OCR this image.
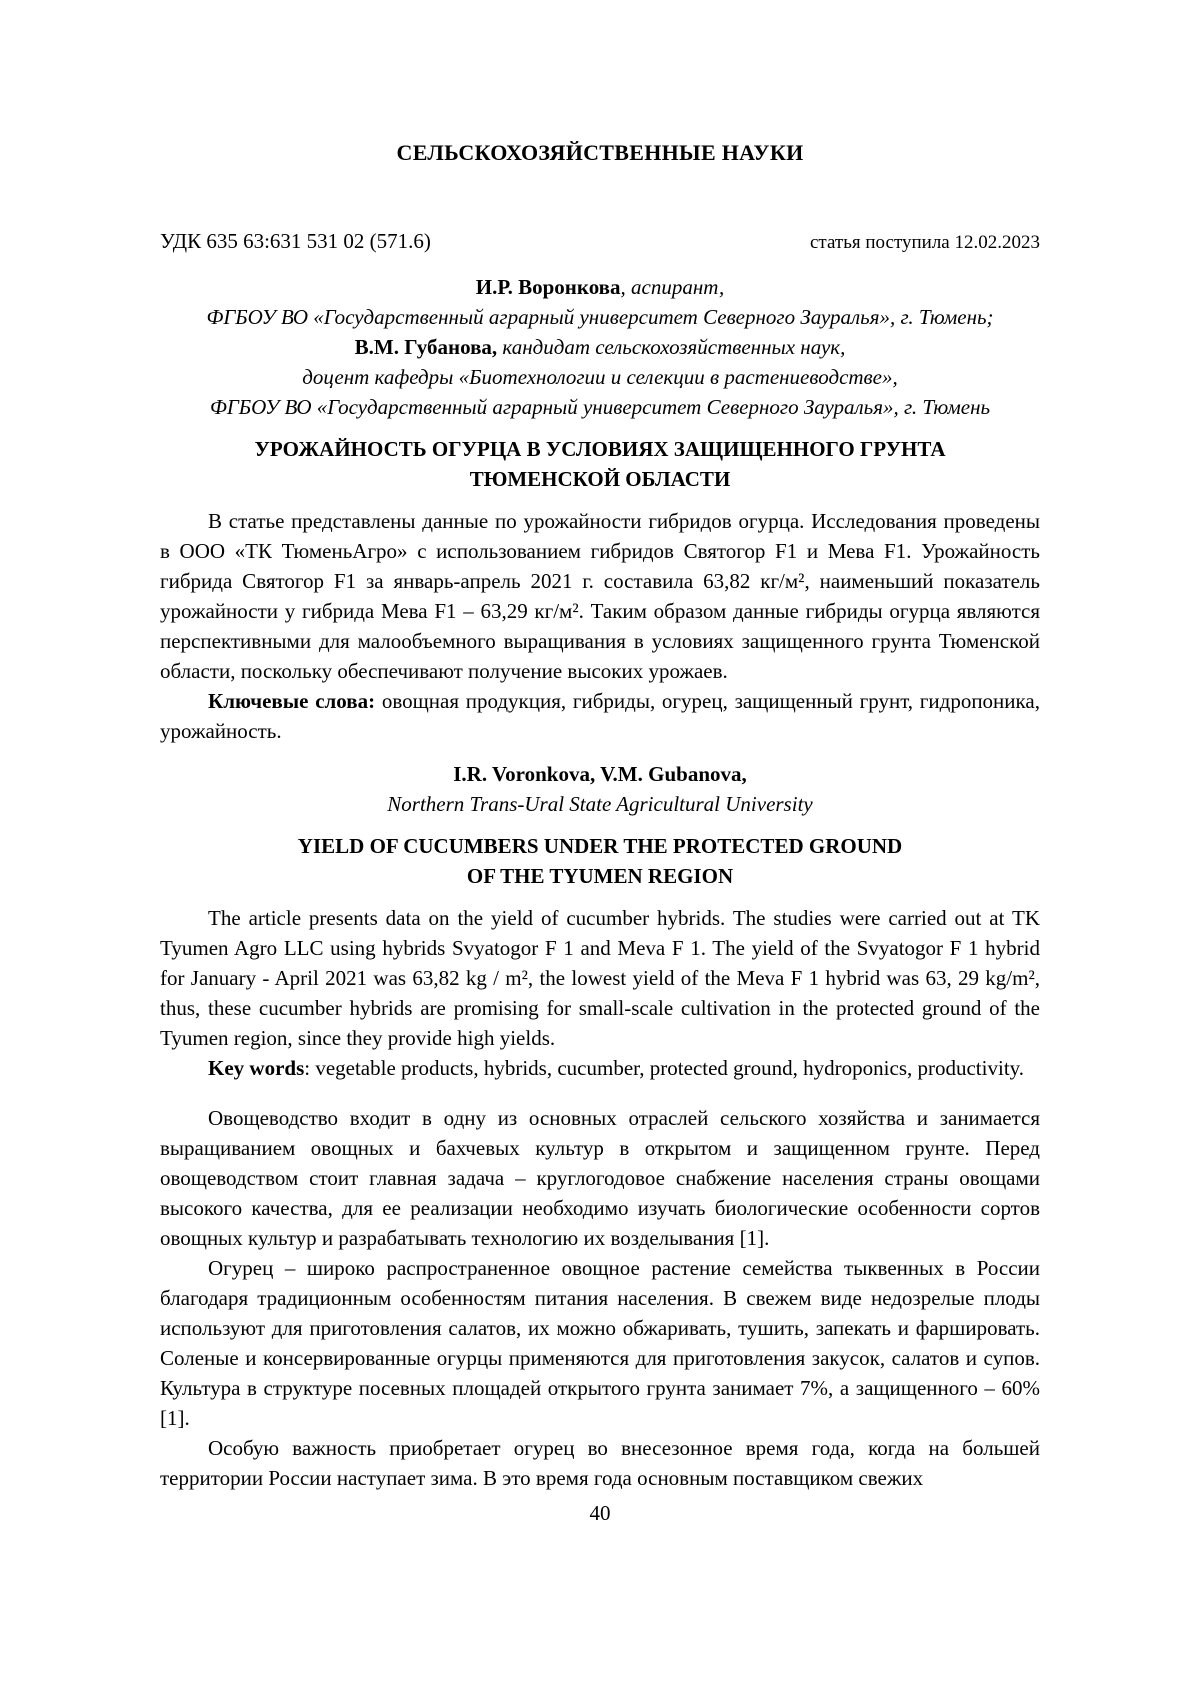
СЕЛЬСКОХОЗЯЙСТВЕННЫЕ НАУКИ
УДК 635 63:631 531 02 (571.6)	статья поступила 12.02.2023
И.Р. Воронкова, аспирант,
ФГБОУ ВО «Государственный аграрный университет Северного Зауралья», г. Тюмень;
В.М. Губанова, кандидат сельскохозяйственных наук,
доцент кафедры «Биотехнологии и селекции в растениеводстве»,
ФГБОУ ВО «Государственный аграрный университет Северного Зауралья», г. Тюмень
УРОЖАЙНОСТЬ ОГУРЦА В УСЛОВИЯХ ЗАЩИЩЕННОГО ГРУНТА
ТЮМЕНСКОЙ ОБЛАСТИ

В статье представлены данные по урожайности гибридов огурца. Исследования проведены в ООО «ТК ТюменьАгро» с использованием гибридов Святогор F1 и Мева F1. Урожайность гибрида Святогор F1 за январь-апрель 2021 г. составила 63,82 кг/м², наименьший показатель урожайности у гибрида Мева F1 – 63,29 кг/м². Таким образом данные гибриды огурца являются перспективными для малообъемного выращивания в условиях защищенного грунта Тюменской области, поскольку обеспечивают получение высоких урожаев.

Ключевые слова: овощная продукция, гибриды, огурец, защищенный грунт, гидропоника, урожайность.

I.R. Voronkova, V.M. Gubanova,
Northern Trans-Ural State Agricultural University
YIELD OF CUCUMBERS UNDER THE PROTECTED GROUND
OF THE TYUMEN REGION

The article presents data on the yield of cucumber hybrids. The studies were carried out at TK Tyumen Agro LLC using hybrids Svyatogor F 1 and Meva F 1. The yield of the Svyatogor F 1 hybrid for January - April 2021 was 63,82 kg / m², the lowest yield of the Meva F 1 hybrid was 63, 29 kg/m², thus, these cucumber hybrids are promising for small-scale cultivation in the protected ground of the Tyumen region, since they provide high yields.

Key words: vegetable products, hybrids, cucumber, protected ground, hydroponics, productivity.

Овощеводство входит в одну из основных отраслей сельского хозяйства и занимается выращиванием овощных и бахчевых культур в открытом и защищенном грунте. Перед овощеводством стоит главная задача – круглогодовое снабжение населения страны овощами высокого качества, для ее реализации необходимо изучать биологические особенности сортов овощных культур и разрабатывать технологию их возделывания [1].

Огурец – широко распространенное овощное растение семейства тыквенных в России благодаря традиционным особенностям питания населения. В свежем виде недозрелые плоды используют для приготовления салатов, их можно обжаривать, тушить, запекать и фаршировать. Соленые и консервированные огурцы применяются для приготовления закусок, салатов и супов. Культура в структуре посевных площадей открытого грунта занимает 7%, а защищенного – 60% [1].

Особую важность приобретает огурец во внесезонное время года, когда на большей территории России наступает зима. В это время года основным поставщиком свежих

40
